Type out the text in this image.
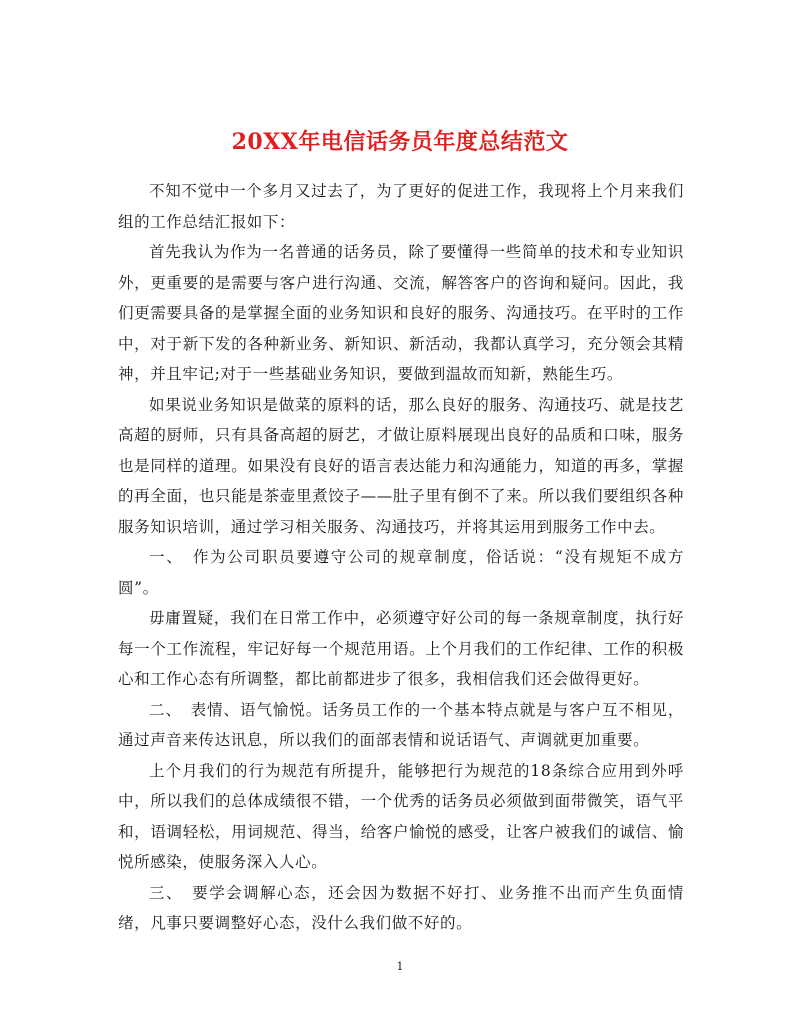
20XX年电信话务员年度总结范文

不知不觉中一个多月又过去了，为了更好的促进工作，我现将上个月来我们组的工作总结汇报如下：

首先我认为作为一名普通的话务员，除了要懂得一些简单的技术和专业知识外，更重要的是需要与客户进行沟通、交流，解答客户的咨询和疑问。因此，我们更需要具备的是掌握全面的业务知识和良好的服务、沟通技巧。在平时的工作中，对于新下发的各种新业务、新知识、新活动，我都认真学习，充分领会其精神，并且牢记;对于一些基础业务知识，要做到温故而知新，熟能生巧。

如果说业务知识是做菜的原料的话，那么良好的服务、沟通技巧、就是技艺高超的厨师，只有具备高超的厨艺，才做让原料展现出良好的品质和口味，服务也是同样的道理。如果没有良好的语言表达能力和沟通能力，知道的再多，掌握的再全面，也只能是茶壶里煮饺子——肚子里有倒不了来。所以我们要组织各种服务知识培训，通过学习相关服务、沟通技巧，并将其运用到服务工作中去。

一、　作为公司职员要遵守公司的规章制度，俗话说：“没有规矩不成方圆”。

毋庸置疑，我们在日常工作中，必须遵守好公司的每一条规章制度，执行好每一个工作流程，牢记好每一个规范用语。上个月我们的工作纪律、工作的积极心和工作心态有所调整，都比前都进步了很多，我相信我们还会做得更好。

二、　表情、语气愉悦。话务员工作的一个基本特点就是与客户互不相见，通过声音来传达讯息，所以我们的面部表情和说话语气、声调就更加重要。

上个月我们的行为规范有所提升，能够把行为规范的18条综合应用到外呼中，所以我们的总体成绩很不错，一个优秀的话务员必须做到面带微笑，语气平和，语调轻松，用词规范、得当，给客户愉悦的感受，让客户被我们的诚信、愉悦所感染，使服务深入人心。

三、　要学会调解心态，还会因为数据不好打、业务推不出而产生负面情绪，凡事只要调整好心态，没什么我们做不好的。

1
